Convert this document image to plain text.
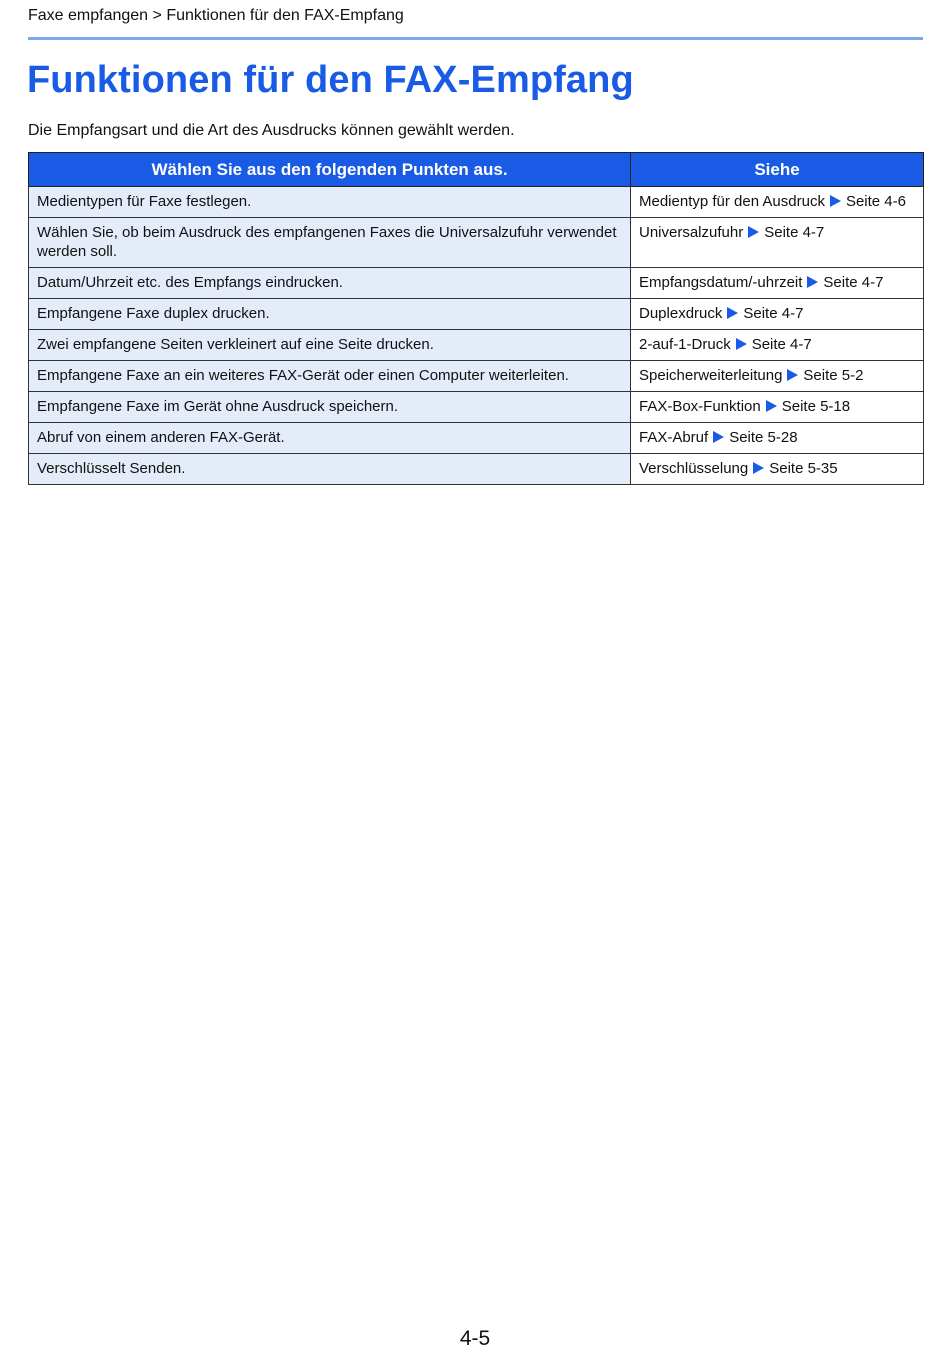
Faxe empfangen > Funktionen für den FAX-Empfang
Funktionen für den FAX-Empfang

Die Empfangsart und die Art des Ausdrucks können gewählt werden.

Wählen Sie aus den folgenden Punkten aus.	Siehe
Medientypen für Faxe festlegen.	Medientyp für den Ausdruck Seite 4-6
Wählen Sie, ob beim Ausdruck des empfangenen Faxes die Universalzufuhr verwendet werden soll.	Universalzufuhr Seite 4-7
Datum/Uhrzeit etc. des Empfangs eindrucken.	Empfangsdatum/-uhrzeit Seite 4-7
Empfangene Faxe duplex drucken.	Duplexdruck Seite 4-7
Zwei empfangene Seiten verkleinert auf eine Seite drucken.	2-auf-1-Druck Seite 4-7
Empfangene Faxe an ein weiteres FAX-Gerät oder einen Computer weiterleiten.	Speicherweiterleitung Seite 5-2
Empfangene Faxe im Gerät ohne Ausdruck speichern.	FAX-Box-Funktion Seite 5-18
Abruf von einem anderen FAX-Gerät.	FAX-Abruf Seite 5-28
Verschlüsselt Senden.	Verschlüsselung Seite 5-35
4-5
